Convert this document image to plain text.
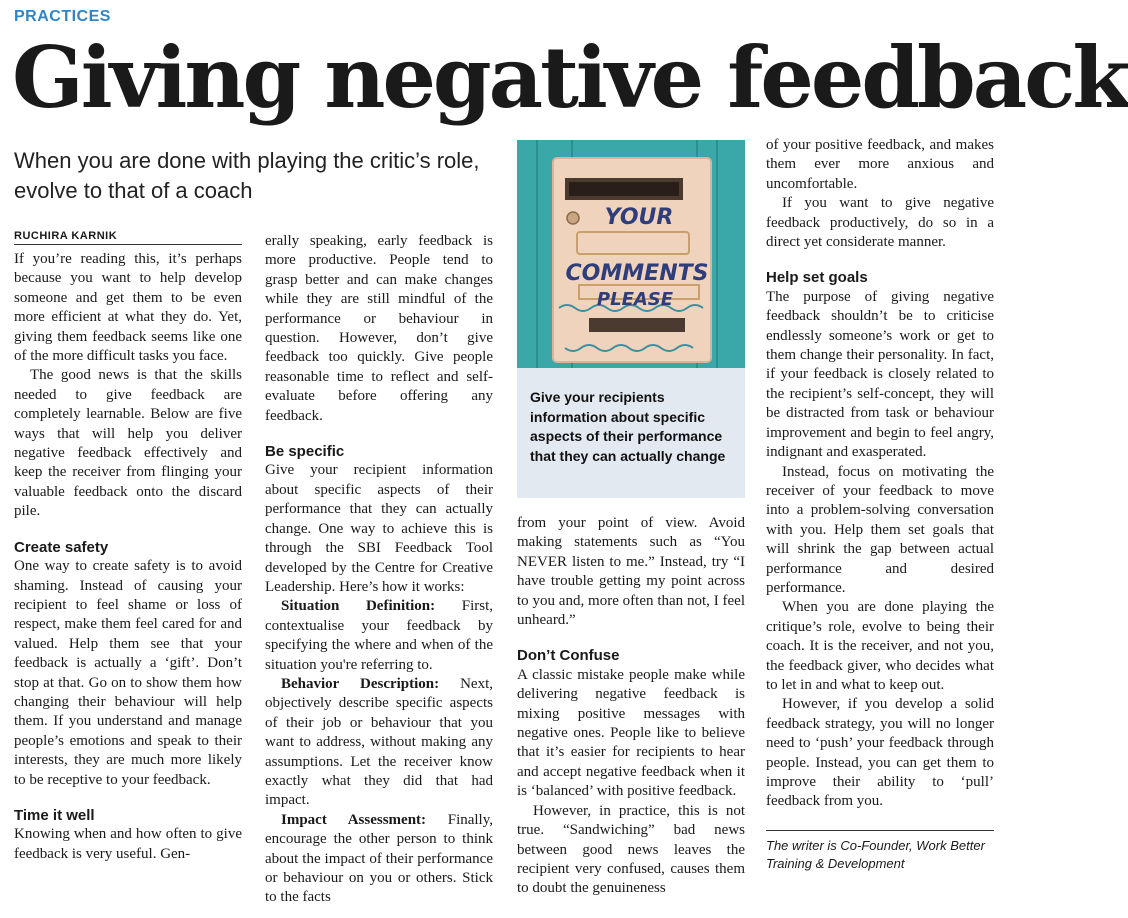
PRACTICES
Giving negative feedback
When you are done with playing the critic’s role, evolve to that of a coach
RUCHIRA KARNIK

If you’re reading this, it’s perhaps because you want to help develop someone and get them to be even more efficient at what they do. Yet, giving them feedback seems like one of the more difficult tasks you face.

The good news is that the skills needed to give feedback are completely learnable. Below are five ways that will help you deliver negative feedback effectively and keep the receiver from flinging your valuable feedback onto the discard pile.

Create safety

One way to create safety is to avoid shaming. Instead of causing your recipient to feel shame or loss of respect, make them feel cared for and valued. Help them see that your feedback is actually a ‘gift’. Don’t stop at that. Go on to show them how changing their behaviour will help them. If you understand and manage people’s emotions and speak to their interests, they are much more likely to be receptive to your feedback.

Time it well

Knowing when and how often to give feedback is very useful. Gen-

erally speaking, early feedback is more productive. People tend to grasp better and can make changes while they are still mindful of the performance or behaviour in question. However, don’t give feedback too quickly. Give people reasonable time to reflect and self-evaluate before offering any feedback.

Be specific

Give your recipient information about specific aspects of their performance that they can actually change. One way to achieve this is through the SBI Feedback Tool developed by the Centre for Creative Leadership. Here’s how it works:

Situation Definition: First, contextualise your feedback by specifying the where and when of the situation you're referring to.

Behavior Description: Next, objectively describe specific aspects of their job or behaviour that you want to address, without making any assumptions. Let the receiver know exactly what they did that had impact.

Impact Assessment: Finally, encourage the other person to think about the impact of their performance or behaviour on you or others. Stick to the facts

YOUR
COMMENTS
PLEASE
Give your recipients information about specific aspects of their performance that they can actually change

from your point of view. Avoid making statements such as “You NEVER listen to me.” Instead, try “I have trouble getting my point across to you and, more often than not, I feel unheard.”

Don’t Confuse

A classic mistake people make while delivering negative feedback is mixing positive messages with negative ones. People like to believe that it’s easier for recipients to hear and accept negative feedback when it is ‘balanced’ with positive feedback.

However, in practice, this is not true. “Sandwiching” bad news between good news leaves the recipient very confused, causes them to doubt the genuineness

of your positive feedback, and makes them ever more anxious and uncomfortable.

If you want to give negative feedback productively, do so in a direct yet considerate manner.

Help set goals

The purpose of giving negative feedback shouldn’t be to criticise endlessly someone’s work or get to them change their personality. In fact, if your feedback is closely related to the recipient’s self-concept, they will be distracted from task or behaviour improvement and begin to feel angry, indignant and exasperated.

Instead, focus on motivating the receiver of your feedback to move into a problem-solving conversation with you. Help them set goals that will shrink the gap between actual performance and desired performance.

When you are done playing the critique’s role, evolve to being their coach. It is the receiver, and not you, the feedback giver, who decides what to let in and what to keep out.

However, if you develop a solid feedback strategy, you will no longer need to ‘push’ your feedback through people. Instead, you can get them to improve their ability to ‘pull’ feedback from you.

The writer is Co-Founder, Work Better Training & Development
